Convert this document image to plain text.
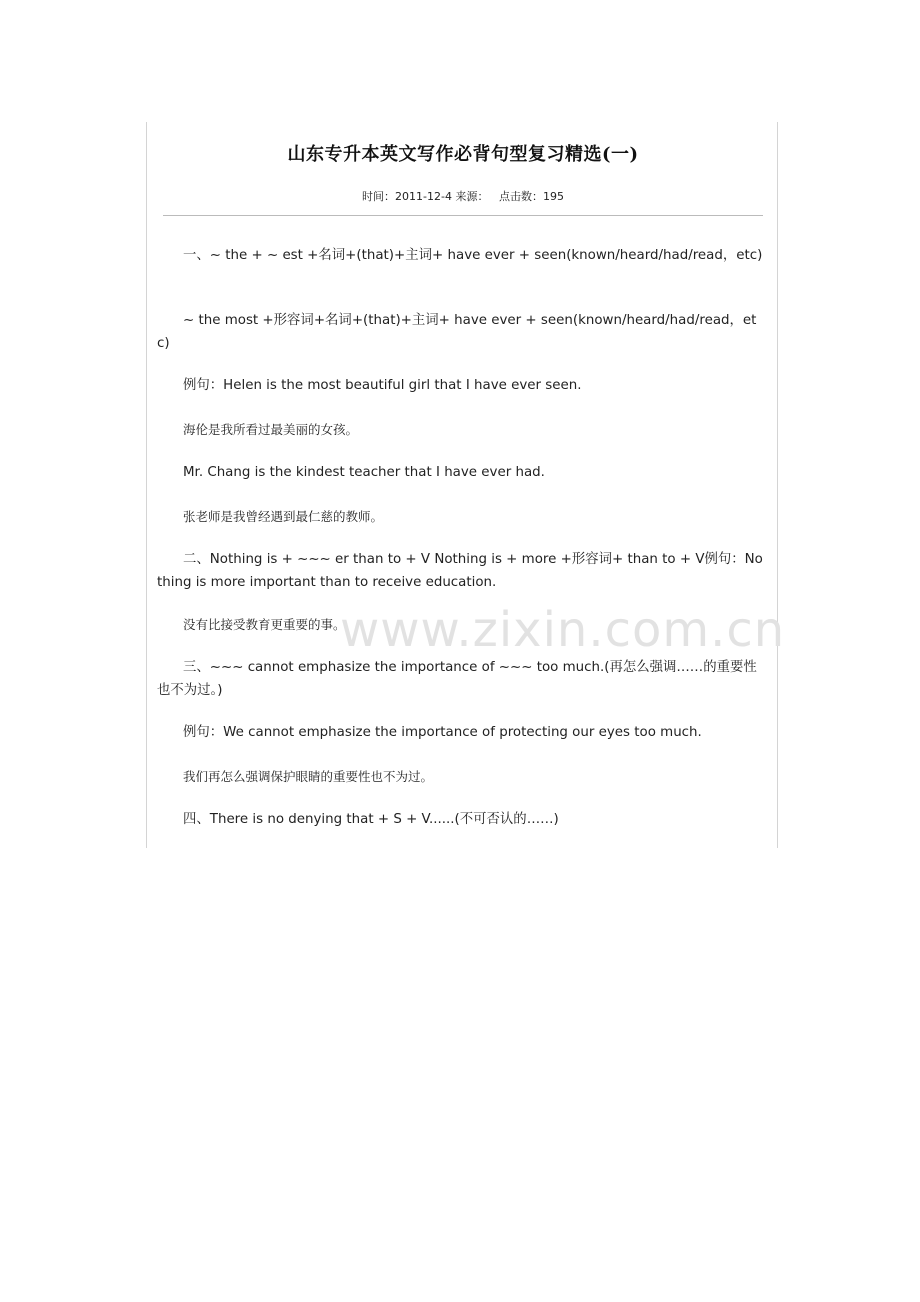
山东专升本英文写作必背句型复习精选(一)
时间：2011-12-4 来源： 点击数：195

一、~ the + ~ est +名词+(that)+主词+ have ever + seen(known/heard/had/read，etc)

~ the most +形容词+名词+(that)+主词+ have ever + seen(known/heard/had/read，etc)

例句：Helen is the most beautiful girl that I have ever seen.

海伦是我所看过最美丽的女孩。

Mr. Chang is the kindest teacher that I have ever had.

张老师是我曾经遇到最仁慈的教师。

二、Nothing is + ~~~ er than to + V Nothing is + more +形容词+ than to + V例句：Nothing is more important than to receive education.

没有比接受教育更重要的事。

三、~~~ cannot emphasize the importance of ~~~ too much.(再怎么强调……的重要性也不为过。)

例句：We cannot emphasize the importance of protecting our eyes too much.

我们再怎么强调保护眼睛的重要性也不为过。

四、There is no denying that + S + V......(不可否认的……)

www.zixin.com.cn
